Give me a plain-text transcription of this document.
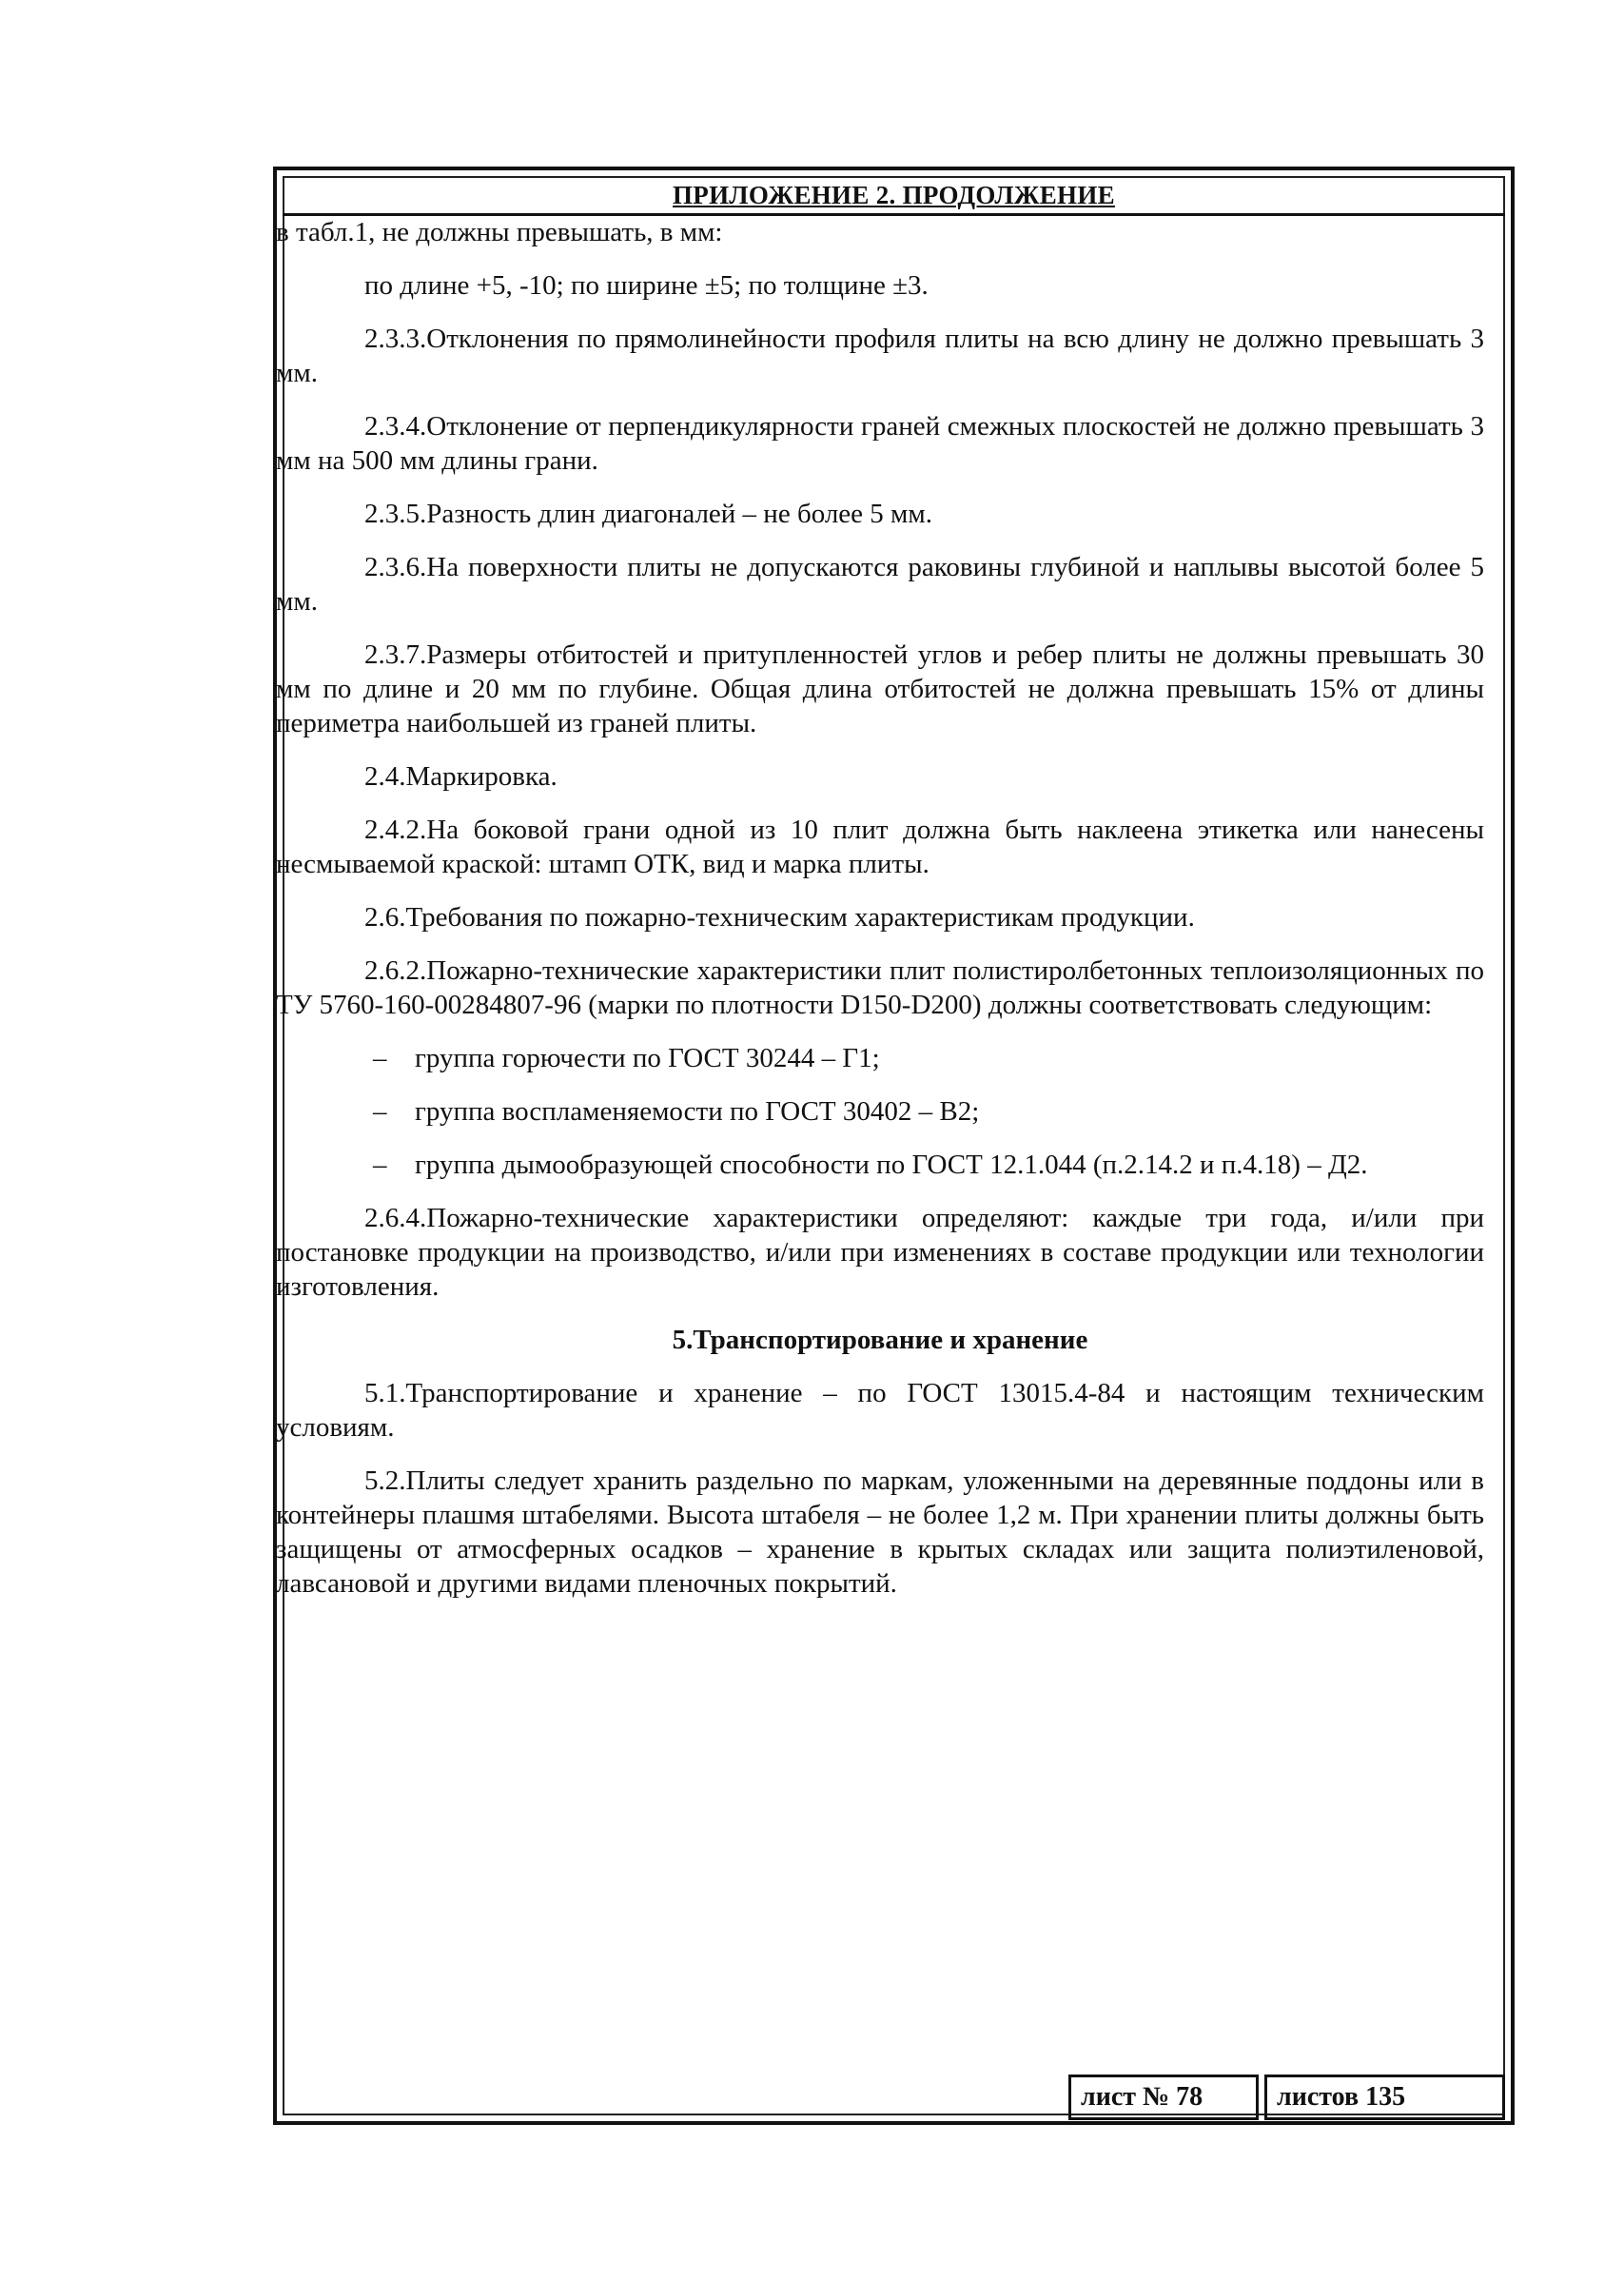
ПРИЛОЖЕНИЕ 2. ПРОДОЛЖЕНИЕ

в табл.1, не должны превышать, в мм:

по длине +5, -10; по ширине ±5; по толщине ±3.

2.3.3.Отклонения по прямолинейности профиля плиты на всю длину не должно превышать 3 мм.

2.3.4.Отклонение от перпендикулярности граней смежных плоскостей не должно превышать 3 мм на 500 мм длины грани.

2.3.5.Разность длин диагоналей – не более 5 мм.

2.3.6.На поверхности плиты не допускаются раковины глубиной и наплывы высотой более 5 мм.

2.3.7.Размеры отбитостей и притупленностей углов и ребер плиты не должны превышать 30 мм по длине и 20 мм по глубине. Общая длина отбитостей не должна превышать 15% от длины периметра наибольшей из граней плиты.

2.4.Маркировка.

2.4.2.На боковой грани одной из 10 плит должна быть наклеена этикетка или нанесены несмываемой краской: штамп ОТК, вид и марка плиты.

2.6.Требования по пожарно-техническим характеристикам продукции.

2.6.2.Пожарно-технические характеристики плит полистиролбетонных теплоизоляционных по ТУ 5760-160-00284807-96 (марки по плотности D150-D200) должны соответствовать следующим:

– группа горючести по ГОСТ 30244 – Г1;
– группа воспламеняемости по ГОСТ 30402 – В2;
– группа дымообразующей способности по ГОСТ 12.1.044 (п.2.14.2 и п.4.18) – Д2.

2.6.4.Пожарно-технические характеристики определяют: каждые три года, и/или при постановке продукции на производство, и/или при изменениях в составе продукции или технологии изготовления.

5.Транспортирование и хранение

5.1.Транспортирование и хранение – по ГОСТ 13015.4-84 и настоящим техническим условиям.

5.2.Плиты следует хранить раздельно по маркам, уложенными на деревянные поддоны или в контейнеры плашмя штабелями. Высота штабеля – не более 1,2 м. При хранении плиты должны быть защищены от атмосферных осадков – хранение в крытых складах или защита полиэтиленовой, лавсановой и другими видами пленочных покрытий.

лист № 78	листов 135
